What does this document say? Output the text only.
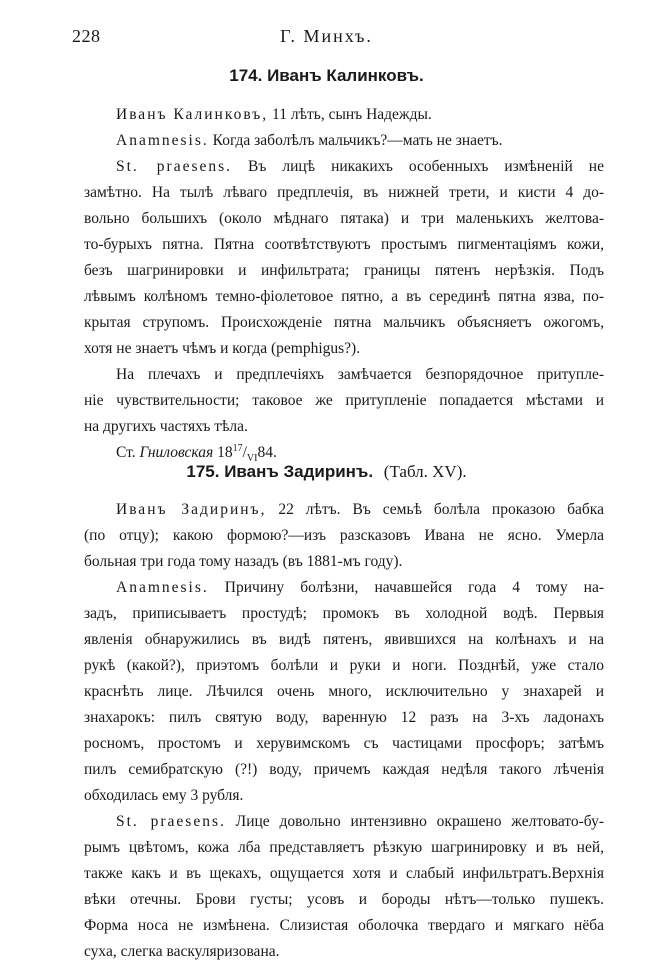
228	Г. Минхъ.
174. Иванъ Калинковъ.
Иванъ Калинковъ, 11 лѣть, сынъ Надежды.
Anamnesis. Когда заболѣлъ мальчикъ?—мать не знаетъ.
St. praesens. Въ лицѣ никакихъ особенныхъ измѣненiй не
замѣтно. На тылѣ лѣваго предплечiя, въ нижней трети, и кисти 4 до-
вольно большихъ (около мѣднаго пятака) и три маленькихъ желтова-
то-бурыхъ пятна. Пятна соотвѣтствуютъ простымъ пигментацiямъ кожи,
безъ шагринировки и инфильтрата; границы пятенъ нерѣзкiя. Подъ
лѣвымъ колѣномъ темно-фiолетовое пятно, а въ серединѣ пятна язва, по-
крытая струпомъ. Происхожденiе пятна мальчикъ объясняетъ ожогомъ,
хотя не знаетъ чѣмъ и когда (pemphigus?).
На плечахъ и предплечiяхъ замѣчается безпорядочное притупле-
нiе чувствительности; таковое же притупленiе попадается мѣстами и
на другихъ частяхъ тѣла.
Ст. Гниловская $18^{17}/_{VI}84$.
175. Иванъ Задиринъ. (Табл. XV).
Иванъ Задиринъ, 22 лѣтъ. Въ семьѣ болѣла проказою бабка
(по отцу); какою формою?—изъ разсказовъ Ивана не ясно. Умерла
больная три года тому назадъ (въ 1881-мъ году).
Anamnesis. Причину болѣзни, начавшейся года 4 тому на-
задъ, приписываетъ простудѣ; промокъ въ холодной водѣ. Первыя
явленiя обнаружились въ видѣ пятенъ, явившихся на колѣнахъ и на
рукѣ (какой?), приэтомъ болѣли и руки и ноги. Позднѣй, уже стало
краснѣть лице. Лѣчился очень много, исключительно у знахарей и
знахарокъ: пилъ святую воду, варенную 12 разъ на 3-хъ ладонахъ
росномъ, простомъ и херувимскомъ съ частицами просфоръ; затѣмъ
пилъ семибратскую (?!) воду, причемъ каждая недѣля такого лѣченiя
обходилась ему 3 рубля.
St. praesens. Лице довольно интензивно окрашено желтовато-бу-
рымъ цвѣтомъ, кожа лба представляетъ рѣзкую шагринировку и въ ней,
также какъ и въ щекахъ, ощущается хотя и слабый инфильтратъ.Верхнiя
вѣки отечны. Брови густы; усовъ и бороды нѣтъ—только пушекъ.
Форма носа не измѣнена. Слизистая оболочка твердаго и мягкаго нёба
суха, слегка васкуляризована.
